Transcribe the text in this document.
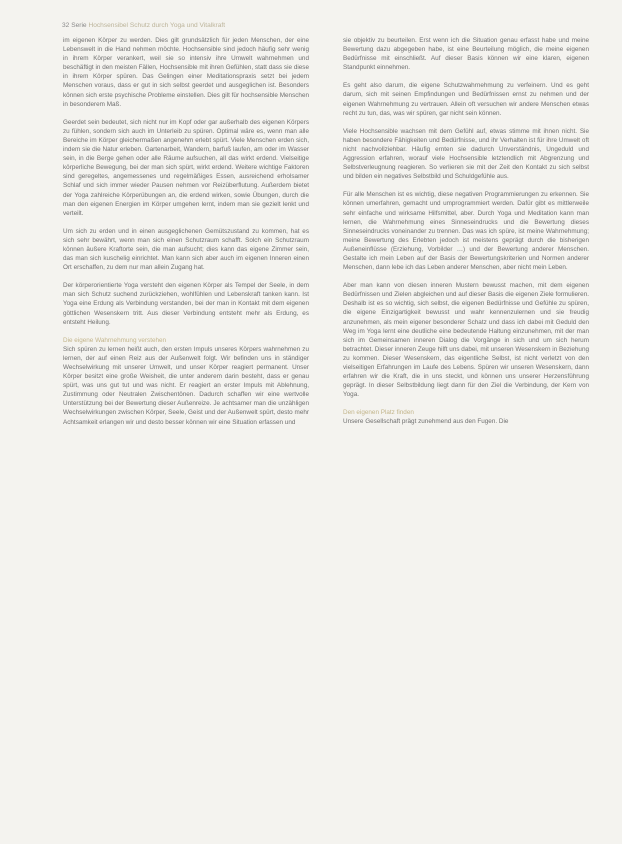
32 Serie Hochsensibel Schutz durch Yoga und Vitalkraft

im eigenen Körper zu werden. Dies gilt grundsätzlich für jeden Menschen, der eine Lebenswelt in die Hand nehmen möchte. Hochsensible sind jedoch häufig sehr wenig in ihrem Körper verankert, weil sie so intensiv ihre Umwelt wahrnehmen und beschäftigt in den meisten Fällen, Hochsensible mit ihren Gefühlen, statt dass sie diese in ihrem Körper spüren. Das Gelingen einer Meditationspraxis setzt bei jedem Menschen voraus, dass er gut in sich selbst geerdet und ausgeglichen ist. Besonders können sich erste psychische Probleme einstellen. Dies gilt für hochsensible Menschen in besonderem Maß.

Geerdet sein bedeutet, sich nicht nur im Kopf oder gar außerhalb des eigenen Körpers zu fühlen, sondern sich auch im Unterleib zu spüren. Optimal wäre es, wenn man alle Bereiche im Körper gleichermaßen angenehm erlebt spürt. Viele Menschen erden sich, indem sie die Natur erleben. Gartenarbeit, Wandern, barfuß laufen, am oder im Wasser sein, in die Berge gehen oder alle Räume aufsuchen, all das wirkt erdend. Vielseitige körperliche Bewegung, bei der man sich spürt, wirkt erdend. Weitere wichtige Faktoren sind geregeltes, angemessenes und regelmäßiges Essen, ausreichend erholsamer Schlaf und sich immer wieder Pausen nehmen vor Reizüberflutung. Außerdem bietet der Yoga zahlreiche Körperübungen an, die erdend wirken, sowie Übungen, durch die man den eigenen Energien im Körper umgehen lernt, indem man sie gezielt lenkt und verteilt.

Um sich zu erden und in einen ausgeglichenen Gemütszustand zu kommen, hat es sich sehr bewährt, wenn man sich einen Schutzraum schafft. Solch ein Schutzraum können äußere Kraftorte sein, die man aufsucht; dies kann das eigene Zimmer sein, das man sich kuschelig einrichtet. Man kann sich aber auch im eigenen Inneren einen Ort erschaffen, zu dem nur man allein Zugang hat.

Der körperorientierte Yoga versteht den eigenen Körper als Tempel der Seele, in dem man sich Schutz suchend zurückziehen, wohlfühlen und Lebenskraft tanken kann. Ist Yoga eine Erdung als Verbindung verstanden, bei der man in Kontakt mit dem eigenen göttlichen Wesenskern tritt. Aus dieser Verbindung entsteht mehr als Erdung, es entsteht Heilung.

Die eigene Wahrnehmung verstehen

Sich spüren zu lernen heißt auch, den ersten Impuls unseres Körpers wahrnehmen zu lernen, der auf einen Reiz aus der Außenwelt folgt. Wir befinden uns in ständiger Wechselwirkung mit unserer Umwelt, und unser Körper reagiert permanent. Unser Körper besitzt eine große Weisheit, die unter anderem darin besteht, dass er genau spürt, was uns gut tut und was nicht. Er reagiert an erster Impuls mit Ablehnung, Zustimmung oder Neutralen Zwischentönen. Dadurch schaffen wir eine wertvolle Unterstützung bei der Bewertung dieser Außenreize. Je achtsamer man die unzähligen Wechselwirkungen zwischen Körper, Seele, Geist und der Außenwelt spürt, desto mehr Achtsamkeit erlangen wir und desto besser können wir eine Situation erfassen und

sie objektiv zu beurteilen. Erst wenn ich die Situation genau erfasst habe und meine Bewertung dazu abgegeben habe, ist eine Beurteilung möglich, die meine eigenen Bedürfnisse mit einschließt. Auf dieser Basis können wir eine klaren, eigenen Standpunkt einnehmen.

Es geht also darum, die eigene Schutzwahrnehmung zu verfeinern. Und es geht darum, sich mit seinen Empfindungen und Bedürfnissen ernst zu nehmen und der eigenen Wahrnehmung zu vertrauen. Allein oft versuchen wir andere Menschen etwas recht zu tun, das, was wir spüren, gar nicht sein können.

Viele Hochsensible wachsen mit dem Gefühl auf, etwas stimme mit ihnen nicht. Sie haben besondere Fähigkeiten und Bedürfnisse, und ihr Verhalten ist für ihre Umwelt oft nicht nachvollziehbar. Häufig ernten sie dadurch Unverständnis, Ungeduld und Aggression erfahren, worauf viele Hochsensible letztendlich mit Abgrenzung und Selbstverleugnung reagieren. So verlieren sie mit der Zeit den Kontakt zu sich selbst und bilden ein negatives Selbstbild und Schuldgefühle aus.

Für alle Menschen ist es wichtig, diese negativen Programmierungen zu erkennen. Sie können umerfahren, gemacht und umprogrammiert werden. Dafür gibt es mittlerweile sehr einfache und wirksame Hilfsmittel, aber. Durch Yoga und Meditation kann man lernen, die Wahrnehmung eines Sinneseindrucks und die Bewertung dieses Sinneseindrucks voneinander zu trennen. Das was ich spüre, ist meine Wahrnehmung; meine Bewertung des Erlebten jedoch ist meistens geprägt durch die bisherigen Außeneinflüsse (Erziehung, Vorbilder …) und der Bewertung anderer Menschen. Gestalte ich mein Leben auf der Basis der Bewertungskriterien und Normen anderer Menschen, dann lebe ich das Leben anderer Menschen, aber nicht mein Leben.

Aber man kann von diesen inneren Mustern bewusst machen, mit dem eigenen Bedürfnissen und Zielen abgleichen und auf dieser Basis die eigenen Ziele formulieren. Deshalb ist es so wichtig, sich selbst, die eigenen Bedürfnisse und Gefühle zu spüren, die eigene Einzigartigkeit bewusst und wahr kennenzulernen und sie freudig anzunehmen, als mein eigener besonderer Schatz und dass ich dabei mit Geduld den Weg im Yoga lernt eine deutliche eine bedeutende Haltung einzunehmen, mit der man sich im Gemeinsamen inneren Dialog die Vorgänge in sich und um sich herum betrachtet. Dieser inneren Zeuge hilft uns dabei, mit unseren Wesenskern in Beziehung zu kommen. Dieser Wesenskern, das eigentliche Selbst, ist nicht verletzt von den vielseitigen Erfahrungen im Laufe des Lebens. Spüren wir unseren Wesenskern, dann erfahren wir die Kraft, die in uns steckt, und können uns unserer Herzensführung geprägt. In dieser Selbstbildung liegt dann für den Ziel die Verbindung, der Kern von Yoga.

Den eigenen Platz finden

Unsere Gesellschaft prägt zunehmend aus den Fugen. Die
